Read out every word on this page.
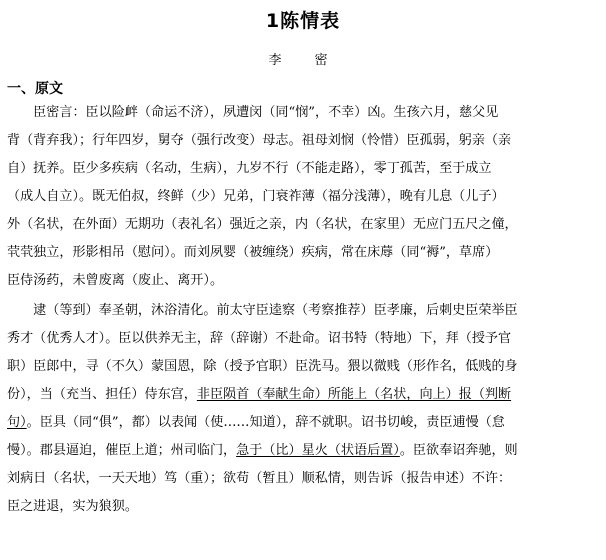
1陈情表
李　密
一、原文
　　臣密言：臣以险衅（命运不济），夙遭闵（同“悯”，不幸）凶。生孩六月，慈父见
背（背弃我）；行年四岁，舅夺（强行改变）母志。祖母刘悯（怜惜）臣孤弱，躬亲（亲
自）抚养。臣少多疾病（名动，生病），九岁不行（不能走路），零丁孤苦，至于成立
（成人自立）。既无伯叔，终鲜（少）兄弟，门衰祚薄（福分浅薄），晚有儿息（儿子）
外（名状，在外面）无期功（表礼名）强近之亲，内（名状，在家里）无应门五尺之僮，
茕茕独立，形影相吊（慰问）。而刘夙婴（被缠绕）疾病，常在床蓐（同“褥”，草席）
臣侍汤药，未曾废离（废止、离开）。
　　逮（等到）奉圣朝，沐浴清化。前太守臣逵察（考察推荐）臣孝廉，后刺史臣荣举臣
秀才（优秀人才）。臣以供养无主，辞（辞谢）不赴命。诏书特（特地）下，拜（授予官
职）臣郎中，寻（不久）蒙国恩，除（授予官职）臣洗马。猥以微贱（形作名，低贱的身
份），当（充当、担任）侍东宫，非臣陨首（奉献生命）所能上（名状，向上）报（判断
句）。臣具（同“俱”，都）以表闻（使……知道），辞不就职。诏书切峻，责臣逋慢（怠
慢）。郡县逼迫，催臣上道；州司临门，急于（比）星火（状语后置）。臣欲奉诏奔驰，则
刘病日（名状，一天天地）笃（重）；欲苟（暂且）顺私情，则告诉（报告申述）不许：
臣之进退，实为狼狈。
